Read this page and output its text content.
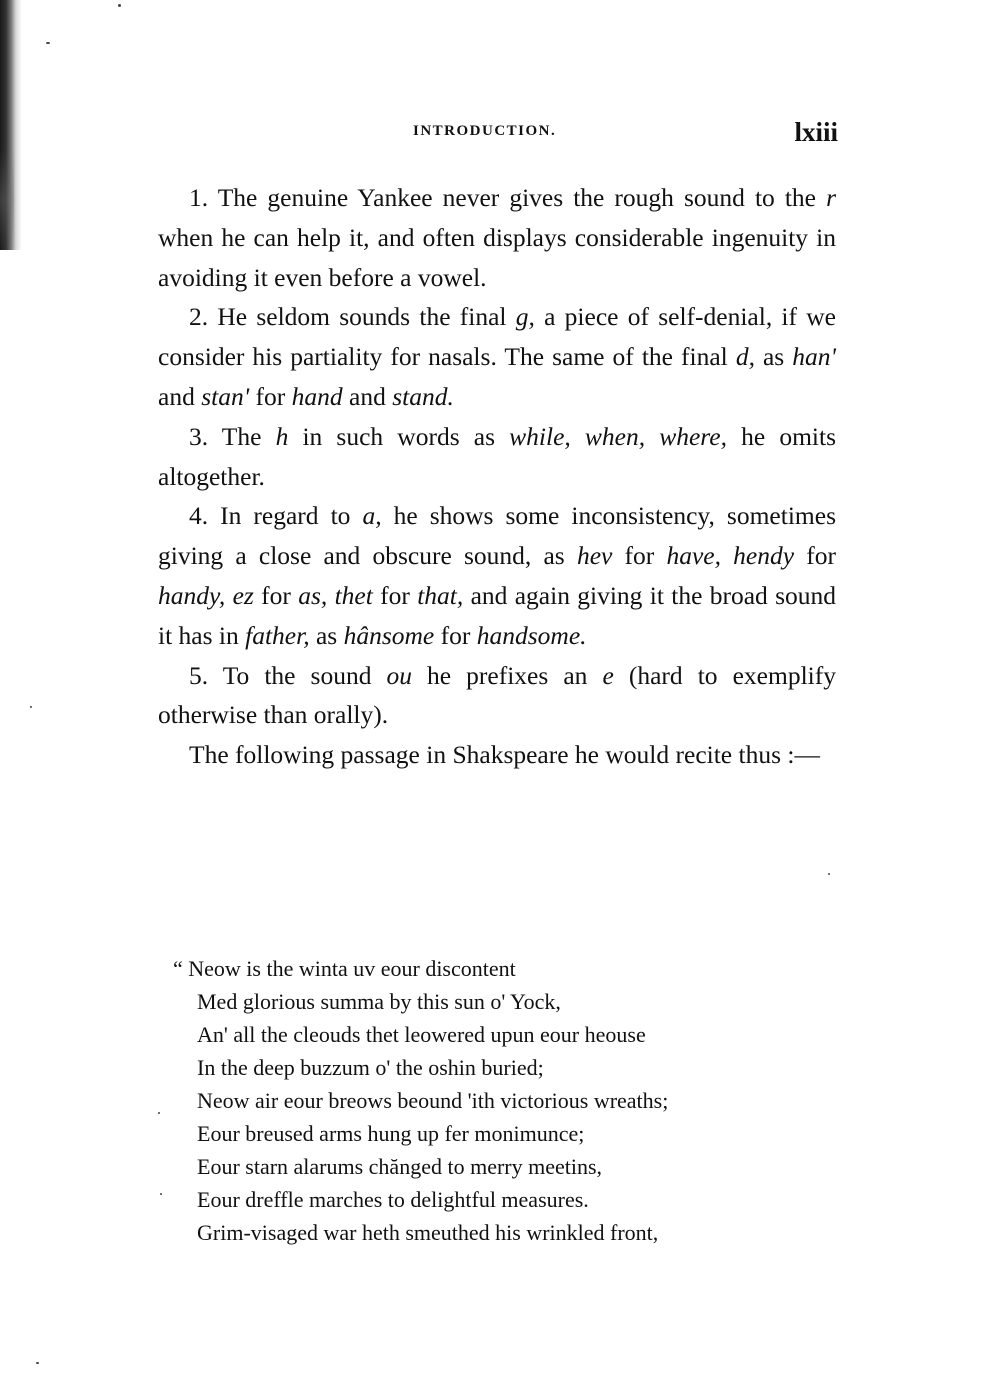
INTRODUCTION.	lxiii

1. The genuine Yankee never gives the rough sound to the r when he can help it, and often displays considerable ingenuity in avoiding it even before a vowel.

2. He seldom sounds the final g, a piece of self-denial, if we consider his partiality for nasals. The same of the final d, as han' and stan' for hand and stand.

3. The h in such words as while, when, where, he omits altogether.

4. In regard to a, he shows some inconsistency, sometimes giving a close and obscure sound, as hev for have, hendy for handy, ez for as, thet for that, and again giving it the broad sound it has in father, as hânsome for handsome.

5. To the sound ou he prefixes an e (hard to exemplify otherwise than orally).

The following passage in Shakspeare he would recite thus :—

“ Neow is the winta uv eour discontent
Med glorious summa by this sun o' Yock,
An' all the cleouds thet leowered upun eour heouse
In the deep buzzum o' the oshin buried;
Neow air eour breows beound 'ith victorious wreaths;
Eour breused arms hung up fer monimunce;
Eour starn alarums chănged to merry meetins,
Eour dreffle marches to delightful measures.
Grim-visaged war heth smeuthed his wrinkled front,
